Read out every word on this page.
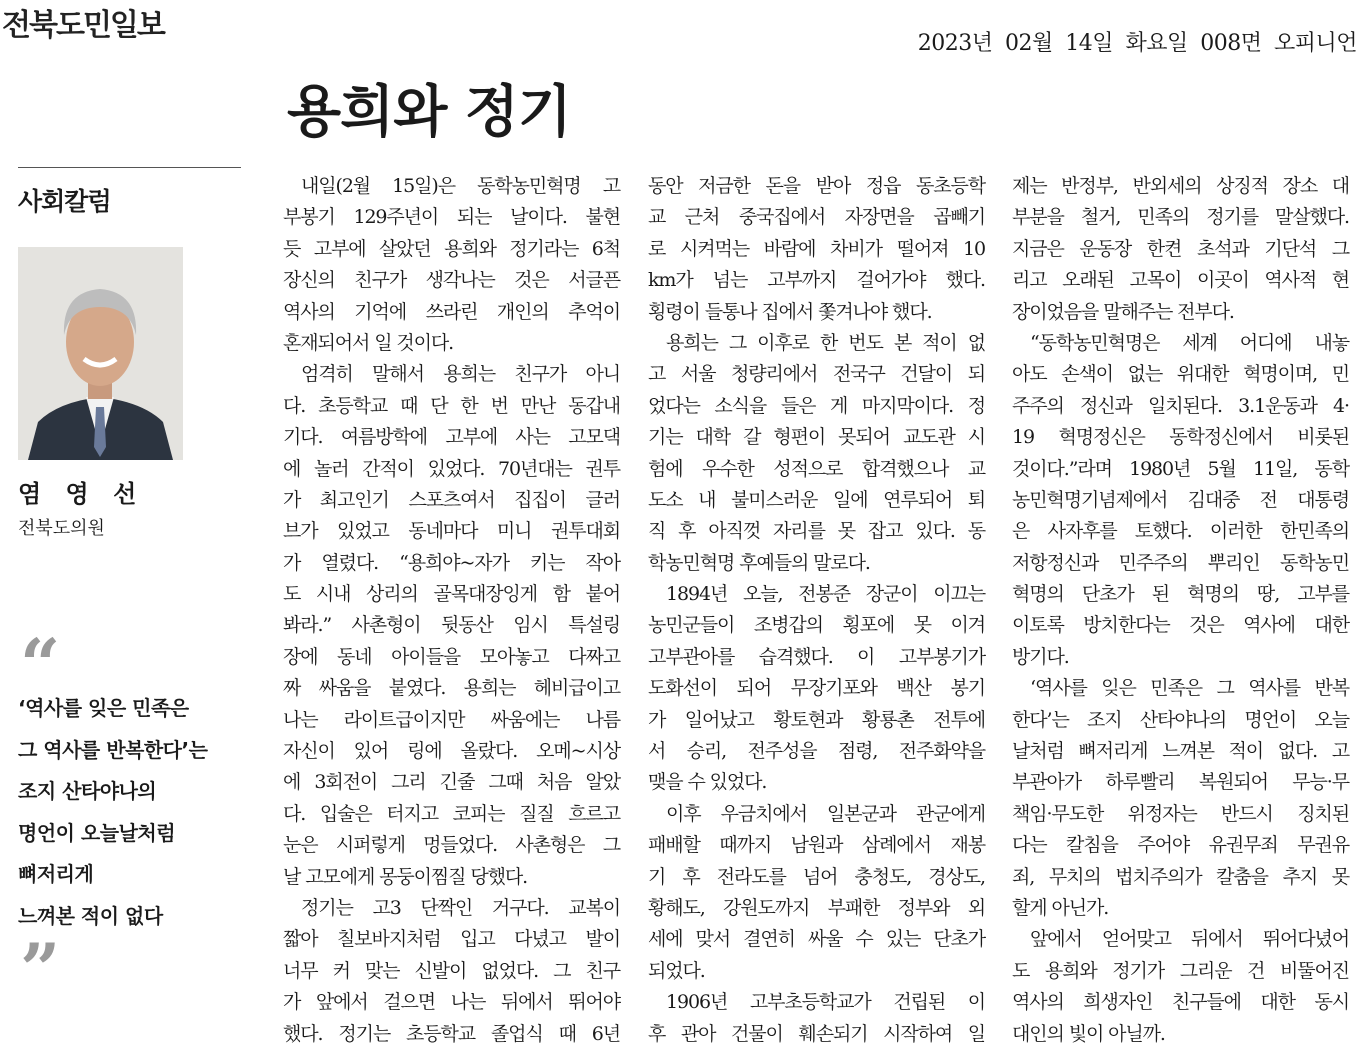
전북도민일보
2023년 02월 14일 화요일 008면 오피니언
용희와 정기
사회칼럼
염 영 선
전북도의원
“
‘역사를 잊은 민족은
그 역사를 반복한다’는
조지 산타야나의
명언이 오늘날처럼
뼈저리게
느껴본 적이 없다
”
내일(2월 15일)은 동학농민혁명 고
부봉기 129주년이 되는 날이다. 불현
듯 고부에 살았던 용희와 정기라는 6척
장신의 친구가 생각나는 것은 서글픈
역사의 기억에 쓰라린 개인의 추억이
혼재되어서 일 것이다.
엄격히 말해서 용희는 친구가 아니
다. 초등학교 때 단 한 번 만난 동갑내
기다. 여름방학에 고부에 사는 고모댁
에 놀러 간적이 있었다. 70년대는 권투
가 최고인기 스포츠여서 집집이 글러
브가 있었고 동네마다 미니 권투대회
가 열렸다. “용희야~자가 키는 작아
도 시내 상리의 골목대장잉게 함 붙어
봐라.” 사촌형이 뒷동산 임시 특설링
장에 동네 아이들을 모아놓고 다짜고
짜 싸움을 붙였다. 용희는 헤비급이고
나는 라이트급이지만 싸움에는 나름
자신이 있어 링에 올랐다. 오메~시상
에 3회전이 그리 긴줄 그때 처음 알았
다. 입술은 터지고 코피는 질질 흐르고
눈은 시퍼렇게 멍들었다. 사촌형은 그
날 고모에게 몽둥이찜질 당했다.
정기는 고3 단짝인 거구다. 교복이
짧아 칠보바지처럼 입고 다녔고 발이
너무 커 맞는 신발이 없었다. 그 친구
가 앞에서 걸으면 나는 뒤에서 뛰어야
했다. 정기는 초등학교 졸업식 때 6년
동안 저금한 돈을 받아 정읍 동초등학
교 근처 중국집에서 자장면을 곱빼기
로 시켜먹는 바람에 차비가 떨어져 10
km가 넘는 고부까지 걸어가야 했다.
횡령이 들통나 집에서 쫓겨나야 했다.
용희는 그 이후로 한 번도 본 적이 없
고 서울 청량리에서 전국구 건달이 되
었다는 소식을 들은 게 마지막이다. 정
기는 대학 갈 형편이 못되어 교도관 시
험에 우수한 성적으로 합격했으나 교
도소 내 불미스러운 일에 연루되어 퇴
직 후 아직껏 자리를 못 잡고 있다. 동
학농민혁명 후예들의 말로다.
1894년 오늘, 전봉준 장군이 이끄는
농민군들이 조병갑의 횡포에 못 이겨
고부관아를 습격했다. 이 고부봉기가
도화선이 되어 무장기포와 백산 봉기
가 일어났고 황토현과 황룡촌 전투에
서 승리, 전주성을 점령, 전주화약을
맺을 수 있었다.
이후 우금치에서 일본군과 관군에게
패배할 때까지 남원과 삼례에서 재봉
기 후 전라도를 넘어 충청도, 경상도,
황해도, 강원도까지 부패한 정부와 외
세에 맞서 결연히 싸울 수 있는 단초가
되었다.
1906년 고부초등학교가 건립된 이
후 관아 건물이 훼손되기 시작하여 일
제는 반정부, 반외세의 상징적 장소 대
부분을 철거, 민족의 정기를 말살했다.
지금은 운동장 한켠 초석과 기단석 그
리고 오래된 고목이 이곳이 역사적 현
장이었음을 말해주는 전부다.
“동학농민혁명은 세계 어디에 내놓
아도 손색이 없는 위대한 혁명이며, 민
주주의 정신과 일치된다. 3.1운동과 4·
19 혁명정신은 동학정신에서 비롯된
것이다.”라며 1980년 5월 11일, 동학
농민혁명기념제에서 김대중 전 대통령
은 사자후를 토했다. 이러한 한민족의
저항정신과 민주주의 뿌리인 동학농민
혁명의 단초가 된 혁명의 땅, 고부를
이토록 방치한다는 것은 역사에 대한
방기다.
‘역사를 잊은 민족은 그 역사를 반복
한다’는 조지 산타야나의 명언이 오늘
날처럼 뼈저리게 느껴본 적이 없다. 고
부관아가 하루빨리 복원되어 무능·무
책임·무도한 위정자는 반드시 징치된
다는 칼침을 주어야 유권무죄 무권유
죄, 무치의 법치주의가 칼춤을 추지 못
할게 아닌가.
앞에서 얻어맞고 뒤에서 뛰어다녔어
도 용희와 정기가 그리운 건 비뚤어진
역사의 희생자인 친구들에 대한 동시
대인의 빛이 아닐까.
